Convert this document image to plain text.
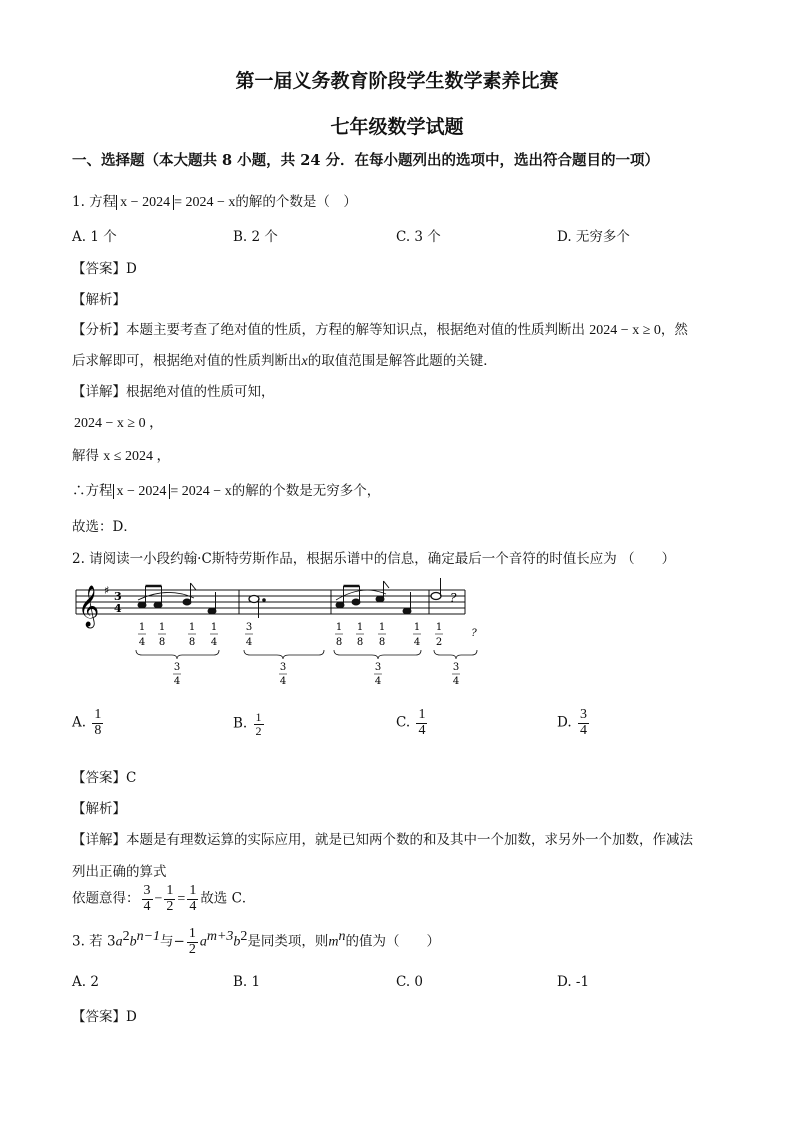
第一届义务教育阶段学生数学素养比赛
七年级数学试题
一、选择题（本大题共 8 小题，共 24 分．在每小题列出的选项中，选出符合题目的一项）
1. 方程 x − 2024 = 2024 − x的解的个数是（　）
A. 1 个	B. 2 个	C. 3 个	D. 无穷多个
【答案】D
【解析】
【分析】本题主要考查了绝对值的性质，方程的解等知识点，根据绝对值的性质判断出 2024 − x ≥ 0，然
后求解即可，根据绝对值的性质判断出x的取值范围是解答此题的关键．
【详解】根据绝对值的性质可知，
2024 − x ≥ 0 ，
解得 x ≤ 2024 ，
∴方程 x − 2024 = 2024 − x的解的个数是无穷多个，
故选：D．
2. 请阅读一小段约翰·C斯特劳斯作品，根据乐谱中的信息，确定最后一个音符的时值长应为 （　　）
𝄞 ♯ 3
4
?
1
4
1
8
1
8
1
4
3
4
1
8
1
8
1
8
1
4
1
2
?
3
4
3
4
3
4
3
4
A. $\frac{1}{8}$	B. $\frac{1}{2}$	C. $\frac{1}{4}$	D. $\frac{3}{4}$
【答案】C
【解析】
【详解】本题是有理数运算的实际应用，就是已知两个数的和及其中一个加数，求另外一个加数，作减法
列出正确的算式
依题意得： $\frac{3}{4} - \frac{1}{2} = \frac{1}{4}$ 故选 C．
3. 若 $3a^2b^{n-1}$与− $\frac{1}{2} a^{m+3}b^2$是同类项，则$m^n$的值为（　　）
A. 2	B. 1	C. 0	D. -1
【答案】D
